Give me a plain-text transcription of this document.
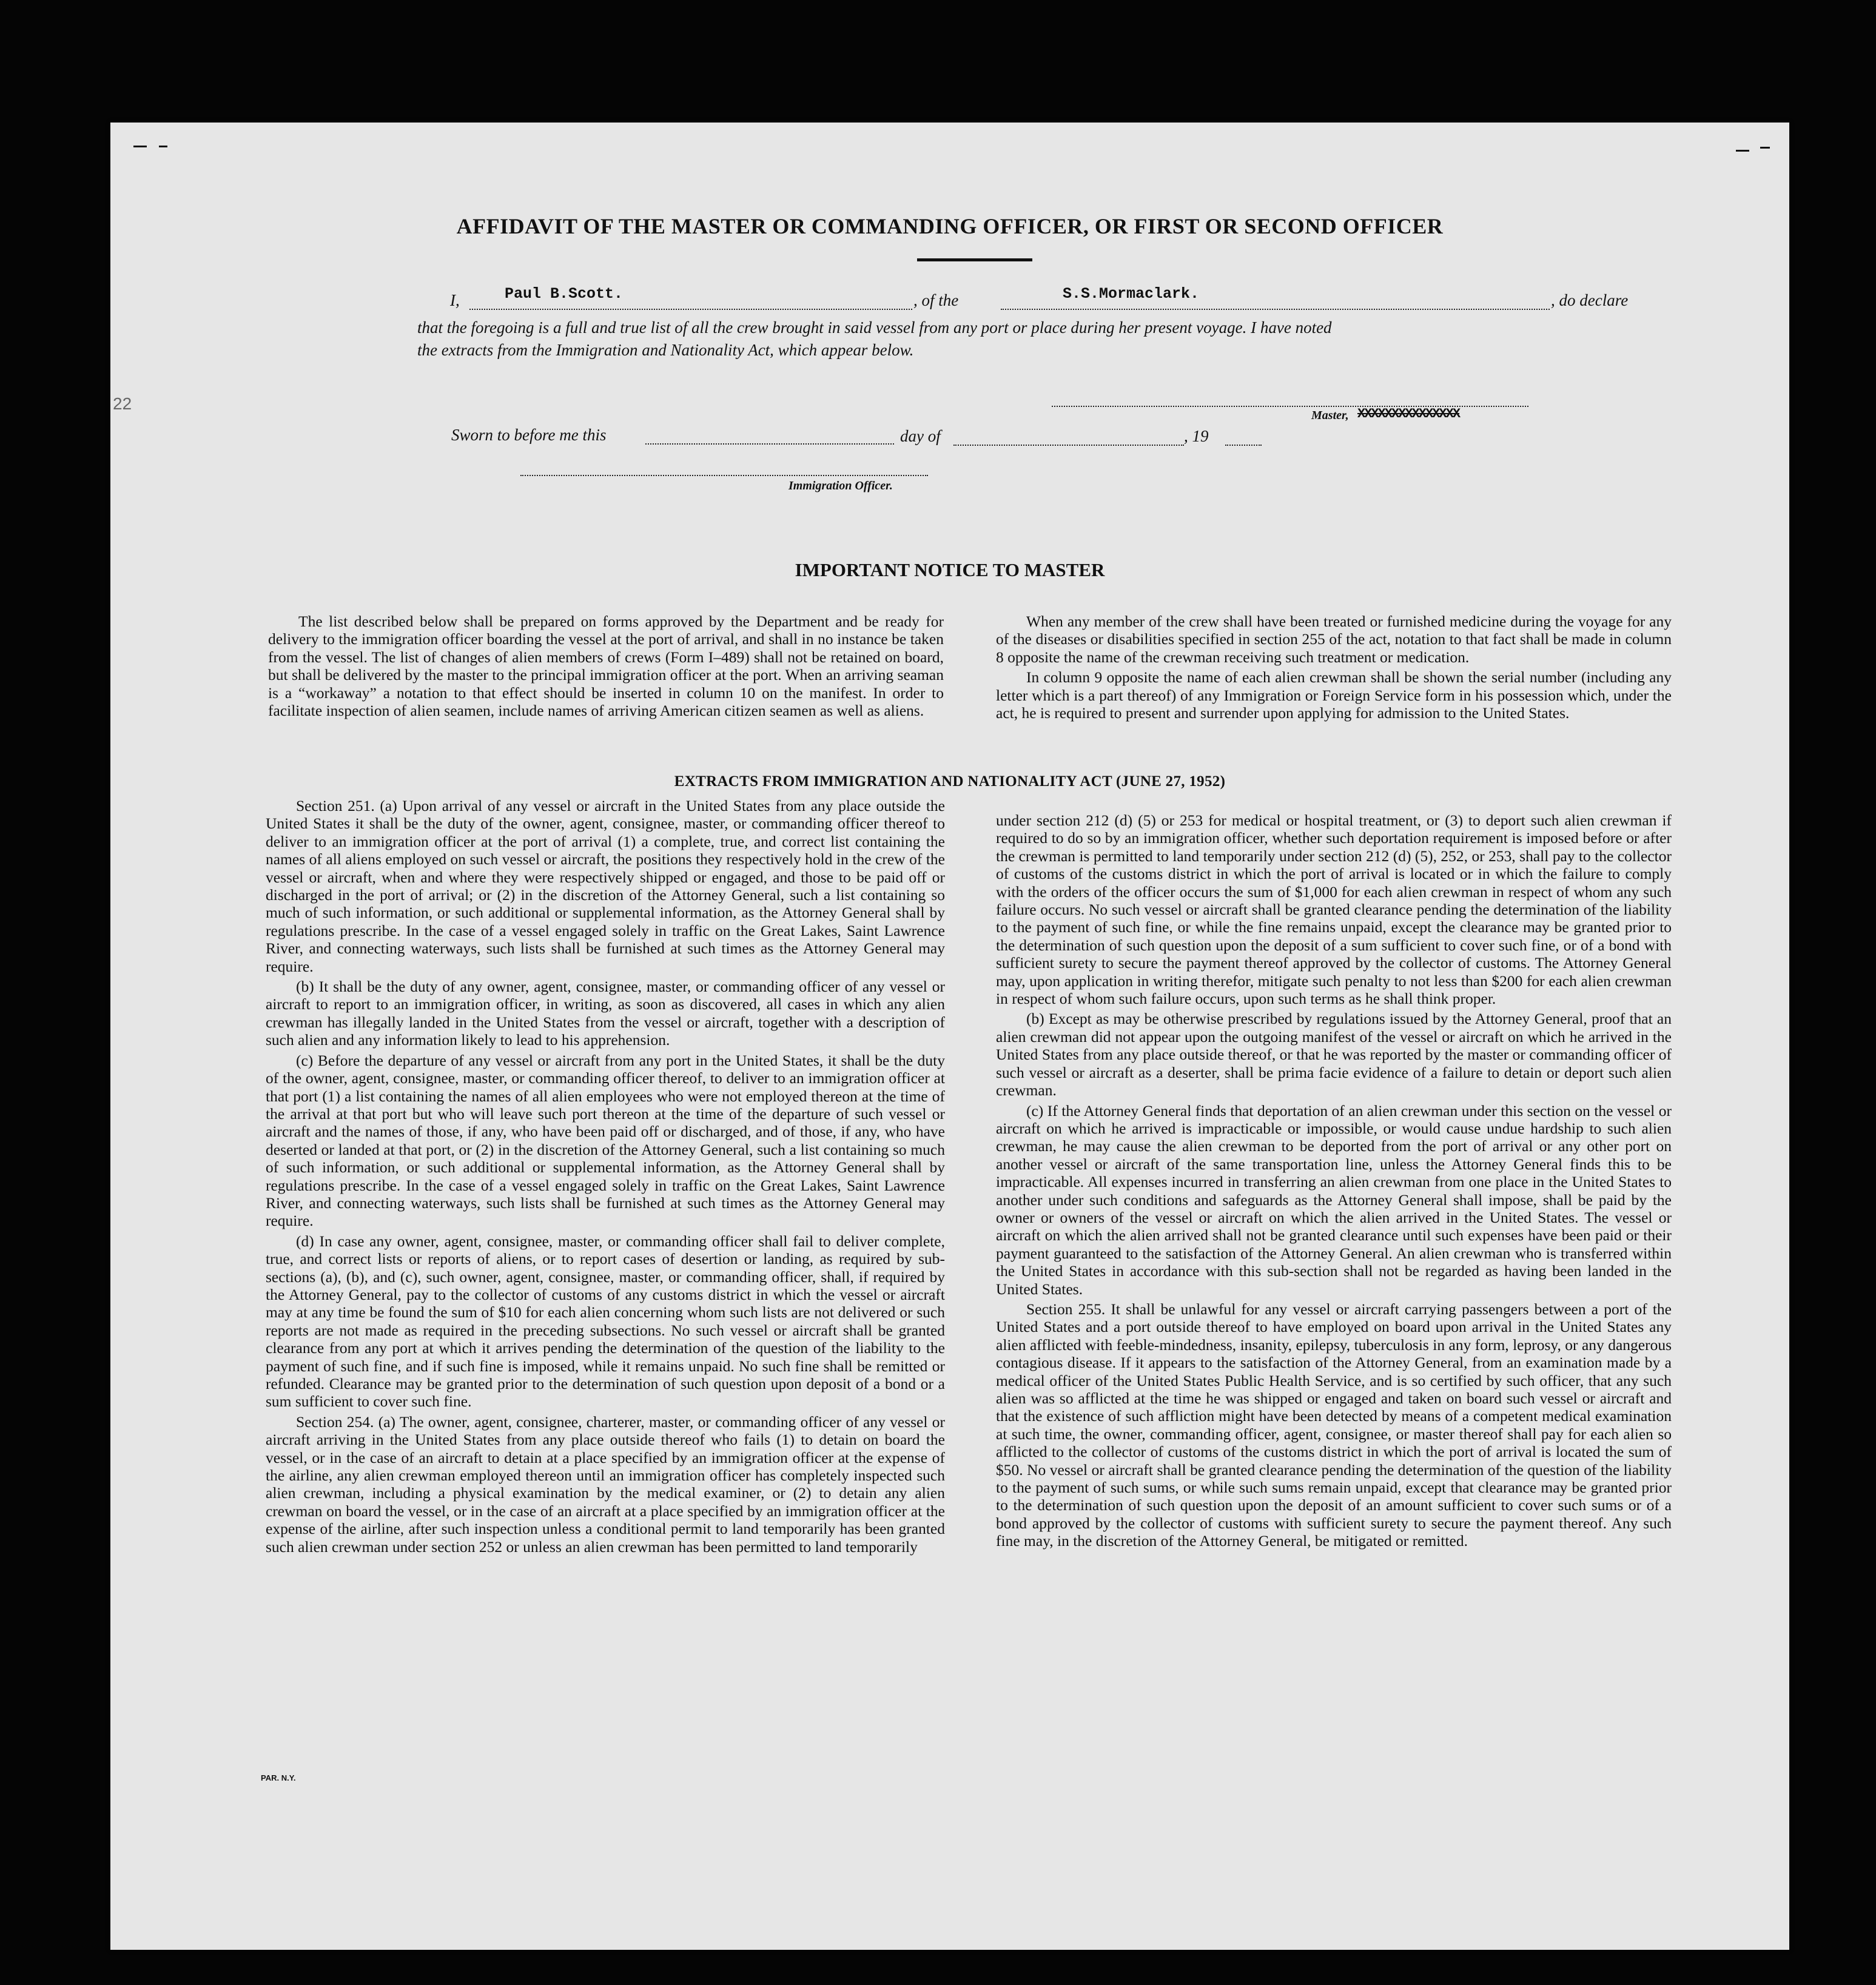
22
AFFIDAVIT OF THE MASTER OR COMMANDING OFFICER, OR FIRST OR SECOND OFFICER
I,	Paul B.Scott.	, of the	S.S.Mormaclark.	, do declare
that the foregoing is a full and true list of all the crew brought in said vessel from any port or place during her present voyage. I have noted
the extracts from the Immigration and Nationality Act, which appear below.
Master, XXXXXXXXXXXXXXX
Sworn to before me this	day of	, 19
Immigration Officer.
IMPORTANT NOTICE TO MASTER

The list described below shall be prepared on forms approved by the Department and be ready for delivery to the immigration officer boarding the vessel at the port of arrival, and shall in no instance be taken from the vessel. The list of changes of alien members of crews (Form I–489) shall not be retained on board, but shall be delivered by the master to the principal immigration officer at the port. When an arriving seaman is a “workaway” a notation to that effect should be inserted in column 10 on the manifest. In order to facilitate inspection of alien seamen, include names of arriving American citizen seamen as well as aliens.

When any member of the crew shall have been treated or furnished medicine during the voyage for any of the diseases or disabilities specified in section 255 of the act, notation to that fact shall be made in column 8 opposite the name of the crewman receiving such treatment or medication.

In column 9 opposite the name of each alien crewman shall be shown the serial number (including any letter which is a part thereof) of any Immigration or Foreign Service form in his possession which, under the act, he is required to present and surrender upon applying for admission to the United States.

EXTRACTS FROM IMMIGRATION AND NATIONALITY ACT (JUNE 27, 1952)

Section 251. (a) Upon arrival of any vessel or aircraft in the United States from any place outside the United States it shall be the duty of the owner, agent, consignee, master, or commanding officer thereof to deliver to an immigration officer at the port of arrival (1) a complete, true, and correct list containing the names of all aliens employed on such vessel or aircraft, the positions they respectively hold in the crew of the vessel or aircraft, when and where they were respectively shipped or engaged, and those to be paid off or discharged in the port of arrival; or (2) in the discretion of the Attorney General, such a list containing so much of such information, or such additional or supplemental information, as the Attorney General shall by regulations prescribe. In the case of a vessel engaged solely in traffic on the Great Lakes, Saint Lawrence River, and connecting waterways, such lists shall be furnished at such times as the Attorney General may require.

(b) It shall be the duty of any owner, agent, consignee, master, or commanding officer of any vessel or aircraft to report to an immigration officer, in writing, as soon as discovered, all cases in which any alien crewman has illegally landed in the United States from the vessel or aircraft, together with a description of such alien and any information likely to lead to his apprehension.

(c) Before the departure of any vessel or aircraft from any port in the United States, it shall be the duty of the owner, agent, consignee, master, or commanding officer thereof, to deliver to an immigration officer at that port (1) a list containing the names of all alien employees who were not employed thereon at the time of the arrival at that port but who will leave such port thereon at the time of the departure of such vessel or aircraft and the names of those, if any, who have been paid off or discharged, and of those, if any, who have deserted or landed at that port, or (2) in the discretion of the Attorney General, such a list containing so much of such information, or such additional or supplemental information, as the Attorney General shall by regulations prescribe. In the case of a vessel engaged solely in traffic on the Great Lakes, Saint Lawrence River, and connecting waterways, such lists shall be furnished at such times as the Attorney General may require.

(d) In case any owner, agent, consignee, master, or commanding officer shall fail to deliver complete, true, and correct lists or reports of aliens, or to report cases of desertion or landing, as required by sub-sections (a), (b), and (c), such owner, agent, consignee, master, or commanding officer, shall, if required by the Attorney General, pay to the collector of customs of any customs district in which the vessel or aircraft may at any time be found the sum of $10 for each alien concerning whom such lists are not delivered or such reports are not made as required in the preceding subsections. No such vessel or aircraft shall be granted clearance from any port at which it arrives pending the determination of the question of the liability to the payment of such fine, and if such fine is imposed, while it remains unpaid. No such fine shall be remitted or refunded. Clearance may be granted prior to the determination of such question upon deposit of a bond or a sum sufficient to cover such fine.

Section 254. (a) The owner, agent, consignee, charterer, master, or commanding officer of any vessel or aircraft arriving in the United States from any place outside thereof who fails (1) to detain on board the vessel, or in the case of an aircraft to detain at a place specified by an immigration officer at the expense of the airline, any alien crewman employed thereon until an immigration officer has completely inspected such alien crewman, including a physical examination by the medical examiner, or (2) to detain any alien crewman on board the vessel, or in the case of an aircraft at a place specified by an immigration officer at the expense of the airline, after such inspection unless a conditional permit to land temporarily has been granted such alien crewman under section 252 or unless an alien crewman has been permitted to land temporarily

under section 212 (d) (5) or 253 for medical or hospital treatment, or (3) to deport such alien crewman if required to do so by an immigration officer, whether such deportation requirement is imposed before or after the crewman is permitted to land temporarily under section 212 (d) (5), 252, or 253, shall pay to the collector of customs of the customs district in which the port of arrival is located or in which the failure to comply with the orders of the officer occurs the sum of $1,000 for each alien crewman in respect of whom any such failure occurs. No such vessel or aircraft shall be granted clearance pending the determination of the liability to the payment of such fine, or while the fine remains unpaid, except the clearance may be granted prior to the determination of such question upon the deposit of a sum sufficient to cover such fine, or of a bond with sufficient surety to secure the payment thereof approved by the collector of customs. The Attorney General may, upon application in writing therefor, mitigate such penalty to not less than $200 for each alien crewman in respect of whom such failure occurs, upon such terms as he shall think proper.

(b) Except as may be otherwise prescribed by regulations issued by the Attorney General, proof that an alien crewman did not appear upon the outgoing manifest of the vessel or aircraft on which he arrived in the United States from any place outside thereof, or that he was reported by the master or commanding officer of such vessel or aircraft as a deserter, shall be prima facie evidence of a failure to detain or deport such alien crewman.

(c) If the Attorney General finds that deportation of an alien crewman under this section on the vessel or aircraft on which he arrived is impracticable or impossible, or would cause undue hardship to such alien crewman, he may cause the alien crewman to be deported from the port of arrival or any other port on another vessel or aircraft of the same transportation line, unless the Attorney General finds this to be impracticable. All expenses incurred in transferring an alien crewman from one place in the United States to another under such conditions and safeguards as the Attorney General shall impose, shall be paid by the owner or owners of the vessel or aircraft on which the alien arrived in the United States. The vessel or aircraft on which the alien arrived shall not be granted clearance until such expenses have been paid or their payment guaranteed to the satisfaction of the Attorney General. An alien crewman who is transferred within the United States in accordance with this sub-section shall not be regarded as having been landed in the United States.

Section 255. It shall be unlawful for any vessel or aircraft carrying passengers between a port of the United States and a port outside thereof to have employed on board upon arrival in the United States any alien afflicted with feeble-mindedness, insanity, epilepsy, tuberculosis in any form, leprosy, or any dangerous contagious disease. If it appears to the satisfaction of the Attorney General, from an examination made by a medical officer of the United States Public Health Service, and is so certified by such officer, that any such alien was so afflicted at the time he was shipped or engaged and taken on board such vessel or aircraft and that the existence of such affliction might have been detected by means of a competent medical examination at such time, the owner, commanding officer, agent, consignee, or master thereof shall pay for each alien so afflicted to the collector of customs of the customs district in which the port of arrival is located the sum of $50. No vessel or aircraft shall be granted clearance pending the determination of the question of the liability to the payment of such sums, or while such sums remain unpaid, except that clearance may be granted prior to the determination of such question upon the deposit of an amount sufficient to cover such sums or of a bond approved by the collector of customs with sufficient surety to secure the payment thereof. Any such fine may, in the discretion of the Attorney General, be mitigated or remitted.

PAR. N.Y.
